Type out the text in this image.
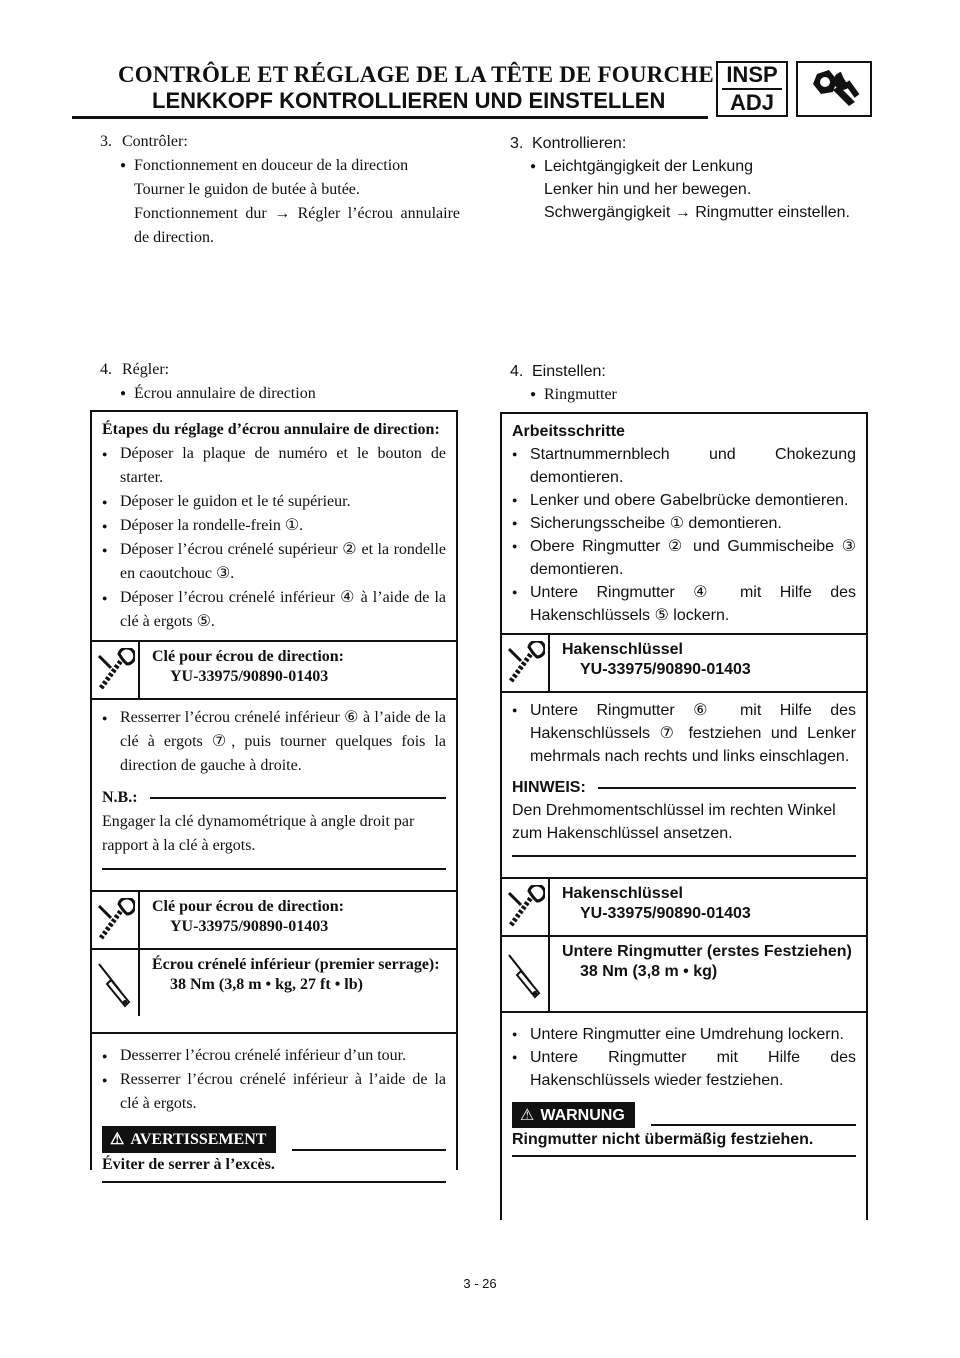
CONTRÔLE ET RÉGLAGE DE LA TÊTE DE FOURCHE
LENKKOPF KONTROLLIEREN UND EINSTELLEN
INSP
ADJ
3. Contrôler:
● Fonctionnement en douceur de la direction
Tourner le guidon de butée à butée.
Fonctionnement dur → Régler l’écrou annulaire de direction.
3. Kontrollieren:
● Leichtgängigkeit der Lenkung
Lenker hin und her bewegen.
Schwergängigkeit → Ringmutter einstellen.
4. Régler:
● Écrou annulaire de direction
4. Einstellen:
● Ringmutter
Étapes du réglage d’écrou annulaire de direction:
● Déposer la plaque de numéro et le bouton de starter.
● Déposer le guidon et le té supérieur.
● Déposer la rondelle-frein ①.
● Déposer l’écrou crénelé supérieur ② et la rondelle en caoutchouc ③.
● Déposer l’écrou crénelé inférieur ④ à l’aide de la clé à ergots ⑤.
Clé pour écrou de direction:
YU-33975/90890-01403
● Resserrer l’écrou crénelé inférieur ⑥ à l’aide de la clé à ergots ⑦, puis tourner quelques fois la direction de gauche à droite.
N.B.:
Engager la clé dynamométrique à angle droit par rapport à la clé à ergots.
Clé pour écrou de direction:
YU-33975/90890-01403
Écrou crénelé inférieur (premier serrage):
38 Nm (3,8 m • kg, 27 ft • lb)
● Desserrer l’écrou crénelé inférieur d’un tour.
● Resserrer l’écrou crénelé inférieur à l’aide de la clé à ergots.
⚠ AVERTISSEMENT
Éviter de serrer à l’excès.
Arbeitsschritte
● Startnummernblech und Chokezung demontieren.
● Lenker und obere Gabelbrücke demontieren.
● Sicherungsscheibe ① demontieren.
● Obere Ringmutter ② und Gummischeibe ③ demontieren.
● Untere Ringmutter ④ mit Hilfe des Hakenschlüssels ⑤ lockern.
Hakenschlüssel
YU-33975/90890-01403
● Untere Ringmutter ⑥ mit Hilfe des Hakenschlüssels ⑦ festziehen und Lenker mehrmals nach rechts und links einschlagen.
HINWEIS:
Den Drehmomentschlüssel im rechten Winkel zum Hakenschlüssel ansetzen.
Hakenschlüssel
YU-33975/90890-01403
Untere Ringmutter (erstes Festziehen)
38 Nm (3,8 m • kg)
● Untere Ringmutter eine Umdrehung lockern.
● Untere Ringmutter mit Hilfe des Hakenschlüssels wieder festziehen.
⚠ WARNUNG
Ringmutter nicht übermäßig festziehen.
3 - 26
